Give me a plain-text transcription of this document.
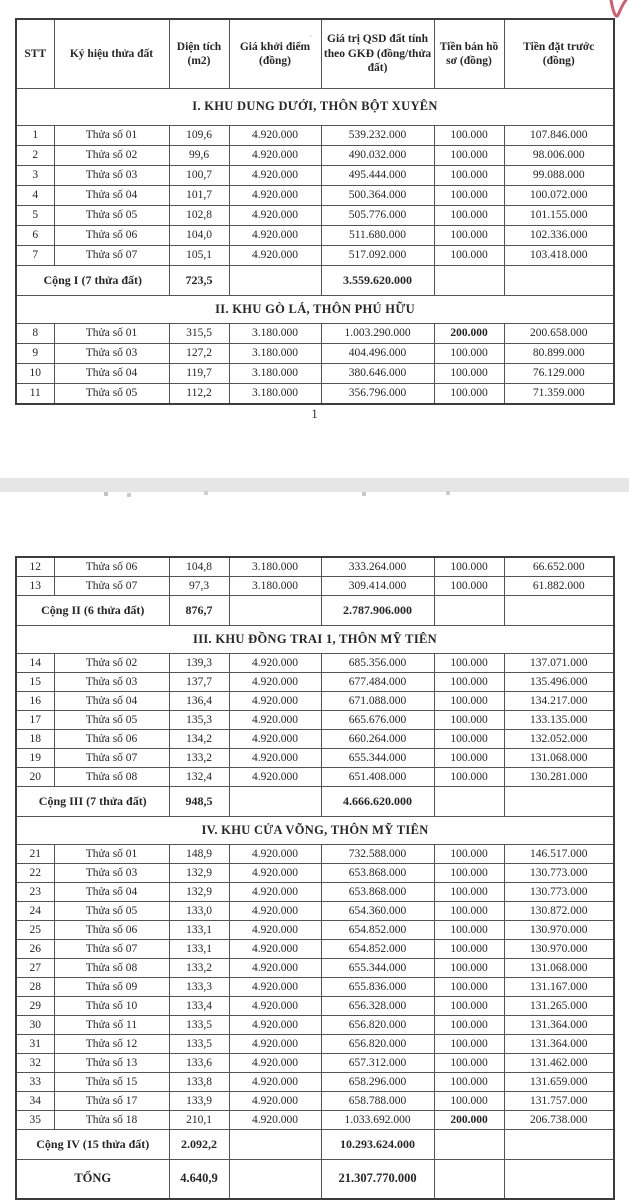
STT	Ký hiệu thửa đất	Diện tích (m2)	Giá khởi điểm (đồng)	Giá trị QSD đất tính theo GKĐ (đồng/thửa đất)	Tiền bán hồ sơ (đồng)	Tiền đặt trước (đồng)
I. KHU DUNG DƯỚI, THÔN BỘT XUYÊN						
1	Thửa số 01	109,6	4.920.000	539.232.000	100.000	107.846.000
2	Thửa số 02	99,6	4.920.000	490.032.000	100.000	98.006.000
3	Thửa số 03	100,7	4.920.000	495.444.000	100.000	99.088.000
4	Thửa số 04	101,7	4.920.000	500.364.000	100.000	100.072.000
5	Thửa số 05	102,8	4.920.000	505.776.000	100.000	101.155.000
6	Thửa số 06	104,0	4.920.000	511.680.000	100.000	102.336.000
7	Thửa số 07	105,1	4.920.000	517.092.000	100.000	103.418.000
Cộng I (7 thửa đất)		723,5		3.559.620.000		
II. KHU GÒ LÁ, THÔN PHÚ HỮU						
8	Thửa số 01	315,5	3.180.000	1.003.290.000	200.000	200.658.000
9	Thửa số 03	127,2	3.180.000	404.496.000	100.000	80.899.000
10	Thửa số 04	119,7	3.180.000	380.646.000	100.000	76.129.000
11	Thửa số 05	112,2	3.180.000	356.796.000	100.000	71.359.000
1
12	Thửa số 06	104,8	3.180.000	333.264.000	100.000	66.652.000
13	Thửa số 07	97,3	3.180.000	309.414.000	100.000	61.882.000
Cộng II (6 thửa đất)		876,7		2.787.906.000		
III. KHU ĐỒNG TRAI 1, THÔN MỸ TIÊN						
14	Thửa số 02	139,3	4.920.000	685.356.000	100.000	137.071.000
15	Thửa số 03	137,7	4.920.000	677.484.000	100.000	135.496.000
16	Thửa số 04	136,4	4.920.000	671.088.000	100.000	134.217.000
17	Thửa số 05	135,3	4.920.000	665.676.000	100.000	133.135.000
18	Thửa số 06	134,2	4.920.000	660.264.000	100.000	132.052.000
19	Thửa số 07	133,2	4.920.000	655.344.000	100.000	131.068.000
20	Thửa số 08	132,4	4.920.000	651.408.000	100.000	130.281.000
Cộng III (7 thửa đất)		948,5		4.666.620.000		
IV. KHU CỬA VÕNG, THÔN MỸ TIÊN						
21	Thửa số 01	148,9	4.920.000	732.588.000	100.000	146.517.000
22	Thửa số 03	132,9	4.920.000	653.868.000	100.000	130.773.000
23	Thửa số 04	132,9	4.920.000	653.868.000	100.000	130.773.000
24	Thửa số 05	133,0	4.920.000	654.360.000	100.000	130.872.000
25	Thửa số 06	133,1	4.920.000	654.852.000	100.000	130.970.000
26	Thửa số 07	133,1	4.920.000	654.852.000	100.000	130.970.000
27	Thửa số 08	133,2	4.920.000	655.344.000	100.000	131.068.000
28	Thửa số 09	133,3	4.920.000	655.836.000	100.000	131.167.000
29	Thửa số 10	133,4	4.920.000	656.328.000	100.000	131.265.000
30	Thửa số 11	133,5	4.920.000	656.820.000	100.000	131.364.000
31	Thửa số 12	133,5	4.920.000	656.820.000	100.000	131.364.000
32	Thửa số 13	133,6	4.920.000	657.312.000	100.000	131.462.000
33	Thửa số 15	133,8	4.920.000	658.296.000	100.000	131.659.000
34	Thửa số 17	133,9	4.920.000	658.788.000	100.000	131.757.000
35	Thửa số 18	210,1	4.920.000	1.033.692.000	200.000	206.738.000
Cộng IV (15 thửa đất)		2.092,2		10.293.624.000		
TỔNG		4.640,9		21.307.770.000		
